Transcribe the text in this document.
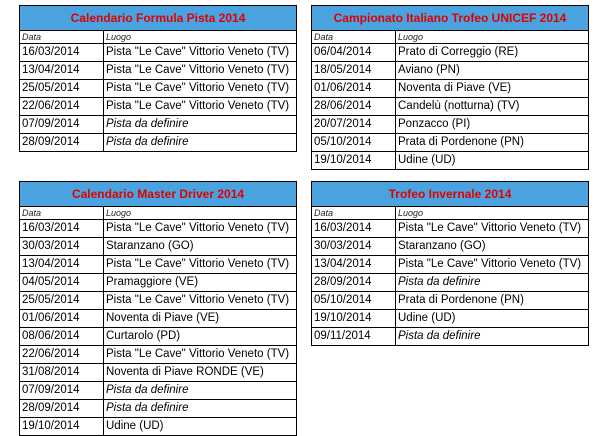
Calendario Formula Pista 2014	
Data	Luogo
16/03/2014	Pista "Le Cave" Vittorio Veneto (TV)
13/04/2014	Pista "Le Cave" Vittorio Veneto (TV)
25/05/2014	Pista "Le Cave" Vittorio Veneto (TV)
22/06/2014	Pista "Le Cave" Vittorio Veneto (TV)
07/09/2014	Pista da definire
28/09/2014	Pista da definire
Campionato Italiano Trofeo UNICEF 2014	
Data	Luogo
06/04/2014	Prato di Correggio (RE)
18/05/2014	Aviano (PN)
01/06/2014	Noventa di Piave (VE)
28/06/2014	Candelù (notturna) (TV)
20/07/2014	Ponzacco (PI)
05/10/2014	Prata di Pordenone (PN)
19/10/2014	Udine (UD)
Calendario Master Driver 2014	
Data	Luogo
16/03/2014	Pista "Le Cave" Vittorio Veneto (TV)
30/03/2014	Staranzano (GO)
13/04/2014	Pista "Le Cave" Vittorio Veneto (TV)
04/05/2014	Pramaggiore (VE)
25/05/2014	Pista "Le Cave" Vittorio Veneto (TV)
01/06/2014	Noventa di Piave (VE)
08/06/2014	Curtarolo (PD)
22/06/2014	Pista "Le Cave" Vittorio Veneto (TV)
31/08/2014	Noventa di Piave RONDE (VE)
07/09/2014	Pista da definire
28/09/2014	Pista da definire
19/10/2014	Udine (UD)
Trofeo Invernale 2014	
Data	Luogo
16/03/2014	Pista "Le Cave" Vittorio Veneto (TV)
30/03/2014	Staranzano (GO)
13/04/2014	Pista "Le Cave" Vittorio Veneto (TV)
28/09/2014	Pista da definire
05/10/2014	Prata di Pordenone (PN)
19/10/2014	Udine (UD)
09/11/2014	Pista da definire
